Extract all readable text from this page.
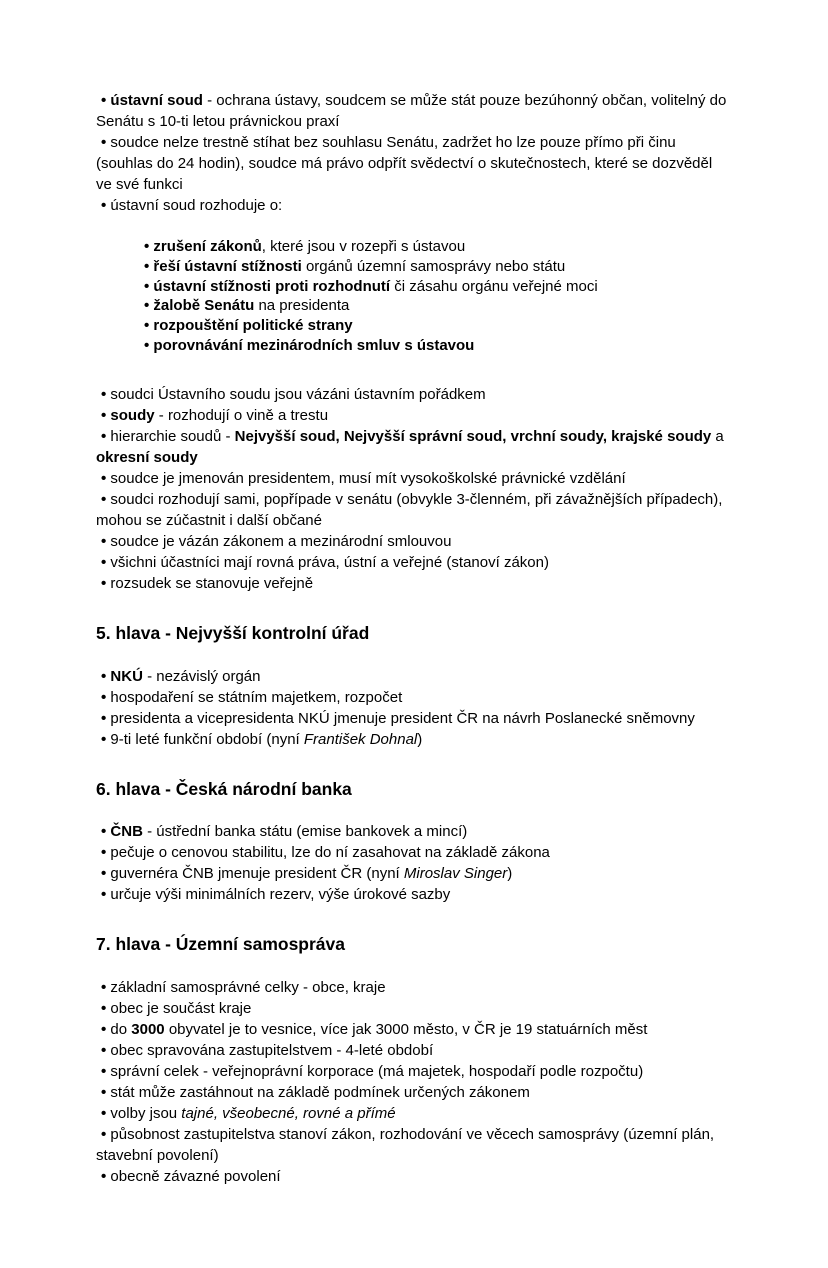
• ústavní soud - ochrana ústavy, soudcem se může stát pouze bezúhonný občan, volitelný do Senátu s 10-ti letou právnickou praxí
• soudce nelze trestně stíhat bez souhlasu Senátu, zadržet ho lze pouze přímo při činu (souhlas do 24 hodin), soudce má právo odpřít svědectví o skutečnostech, které se dozvěděl ve své funkci
• ústavní soud rozhoduje o:
• zrušení zákonů, které jsou v rozepři s ústavou
• řeší ústavní stížnosti orgánů územní samosprávy nebo státu
• ústavní stížnosti proti rozhodnutí či zásahu orgánu veřejné moci
• žalobě Senátu na presidenta
• rozpouštění politické strany
• porovnávání mezinárodních smluv s ústavou
• soudci Ústavního soudu jsou vázáni ústavním pořádkem
• soudy - rozhodují o vině a trestu
• hierarchie soudů - Nejvyšší soud, Nejvyšší správní soud, vrchní soudy, krajské soudy a okresní soudy
• soudce je jmenován presidentem, musí mít vysokoškolské právnické vzdělání
• soudci rozhodují sami, popřípade v senátu (obvykle 3-členném, při závažnějších případech), mohou se zúčastnit i další občané
• soudce je vázán zákonem a mezinárodní smlouvou
• všichni účastníci mají rovná práva, ústní a veřejné (stanoví zákon)
• rozsudek se stanovuje veřejně
5. hlava - Nejvyšší kontrolní úřad
• NKÚ - nezávislý orgán
• hospodaření se státním majetkem, rozpočet
• presidenta a vicepresidenta NKÚ jmenuje president ČR na návrh Poslanecké sněmovny
• 9-ti leté funkční období (nyní František Dohnal)
6. hlava - Česká národní banka
• ČNB - ústřední banka státu (emise bankovek a mincí)
• pečuje o cenovou stabilitu, lze do ní zasahovat na základě zákona
• guvernéra ČNB jmenuje president ČR (nyní Miroslav Singer)
• určuje výši minimálních rezerv, výše úrokové sazby
7. hlava - Územní samospráva
• základní samosprávné celky - obce, kraje
• obec je součást kraje
• do 3000 obyvatel je to vesnice, více jak 3000 město, v ČR je 19 statuárních měst
• obec spravována zastupitelstvem - 4-leté období
• správní celek - veřejnoprávní korporace (má majetek, hospodaří podle rozpočtu)
• stát může zastáhnout na základě podmínek určených zákonem
• volby jsou tajné, všeobecné, rovné a přímé
• působnost zastupitelstva stanoví zákon, rozhodování ve věcech samosprávy (územní plán, stavební povolení)
• obecně závazné povolení
